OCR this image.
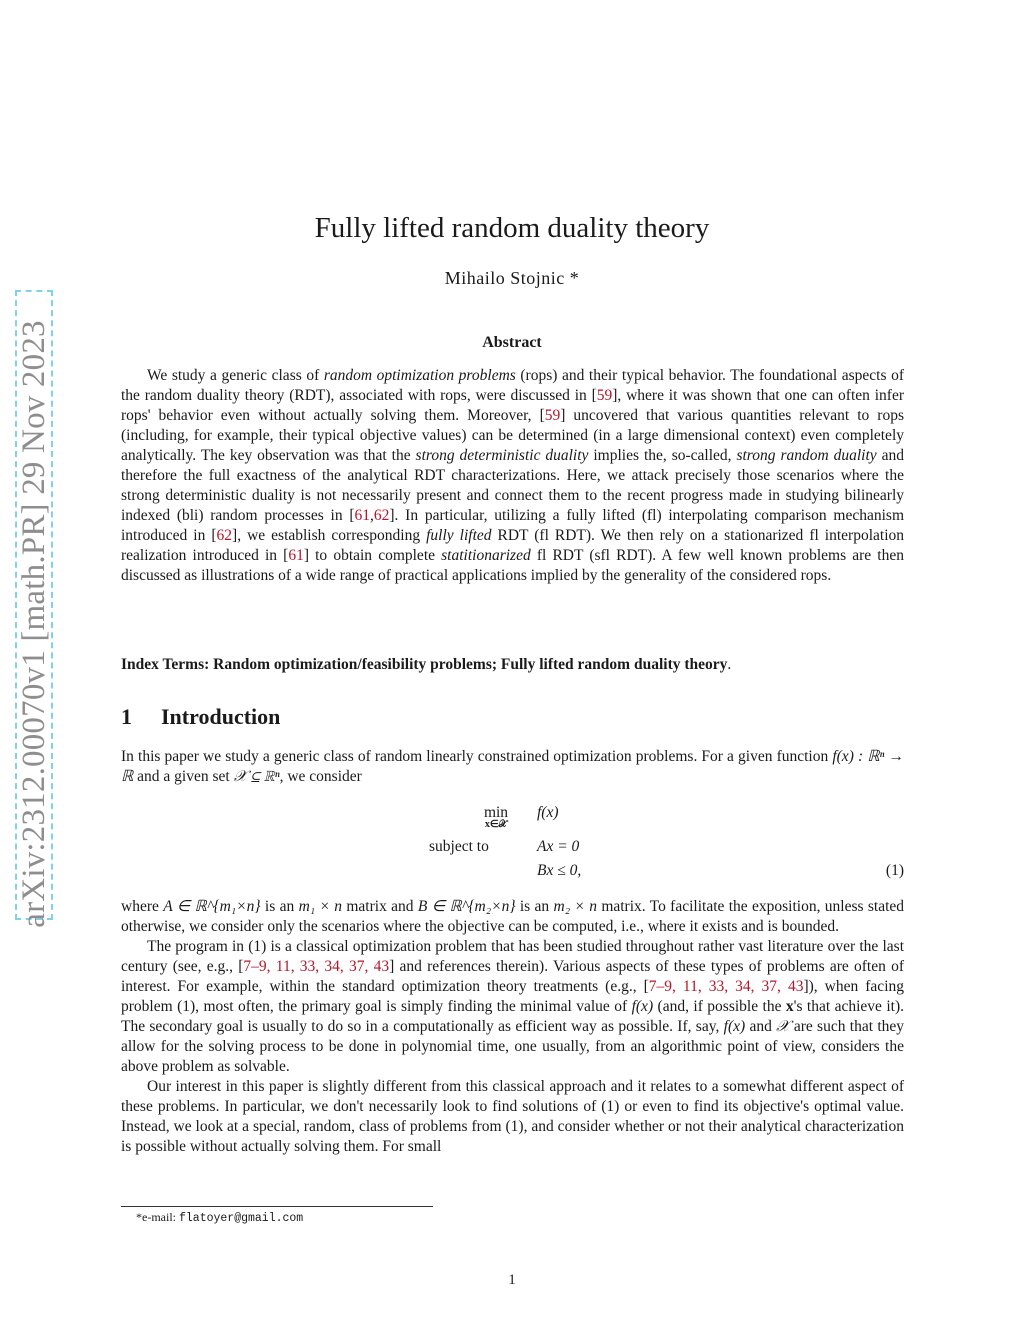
arXiv:2312.00070v1 [math.PR] 29 Nov 2023
Fully lifted random duality theory
Mihailo Stojnic *
Abstract
We study a generic class of random optimization problems (rops) and their typical behavior. The foundational aspects of the random duality theory (RDT), associated with rops, were discussed in [59], where it was shown that one can often infer rops' behavior even without actually solving them. Moreover, [59] uncovered that various quantities relevant to rops (including, for example, their typical objective values) can be determined (in a large dimensional context) even completely analytically. The key observation was that the strong deterministic duality implies the, so-called, strong random duality and therefore the full exactness of the analytical RDT characterizations. Here, we attack precisely those scenarios where the strong deterministic duality is not necessarily present and connect them to the recent progress made in studying bilinearly indexed (bli) random processes in [61,62]. In particular, utilizing a fully lifted (fl) interpolating comparison mechanism introduced in [62], we establish corresponding fully lifted RDT (fl RDT). We then rely on a stationarized fl interpolation realization introduced in [61] to obtain complete statitionarized fl RDT (sfl RDT). A few well known problems are then discussed as illustrations of a wide range of practical applications implied by the generality of the considered rops.
Index Terms: Random optimization/feasibility problems; Fully lifted random duality theory.
1 Introduction
In this paper we study a generic class of random linearly constrained optimization problems. For a given function f(x) : ℝⁿ → ℝ and a given set 𝒳 ⊆ ℝⁿ, we consider
min
x∈𝒳
f(x)
subject to	Ax = 0
Bx ≤ 0,	(1)
where A ∈ ℝ^{m₁×n} is an m₁ × n matrix and B ∈ ℝ^{m₂×n} is an m₂ × n matrix. To facilitate the exposition, unless stated otherwise, we consider only the scenarios where the objective can be computed, i.e., where it exists and is bounded.
The program in (1) is a classical optimization problem that has been studied throughout rather vast literature over the last century (see, e.g., [7–9, 11, 33, 34, 37, 43] and references therein). Various aspects of these types of problems are often of interest. For example, within the standard optimization theory treatments (e.g., [7–9, 11, 33, 34, 37, 43]), when facing problem (1), most often, the primary goal is simply finding the minimal value of f(x) (and, if possible the x's that achieve it). The secondary goal is usually to do so in a computationally as efficient way as possible. If, say, f(x) and 𝒳 are such that they allow for the solving process to be done in polynomial time, one usually, from an algorithmic point of view, considers the above problem as solvable.
Our interest in this paper is slightly different from this classical approach and it relates to a somewhat different aspect of these problems. In particular, we don't necessarily look to find solutions of (1) or even to find its objective's optimal value. Instead, we look at a special, random, class of problems from (1), and consider whether or not their analytical characterization is possible without actually solving them. For small
*e-mail: flatoyer@gmail.com
1
